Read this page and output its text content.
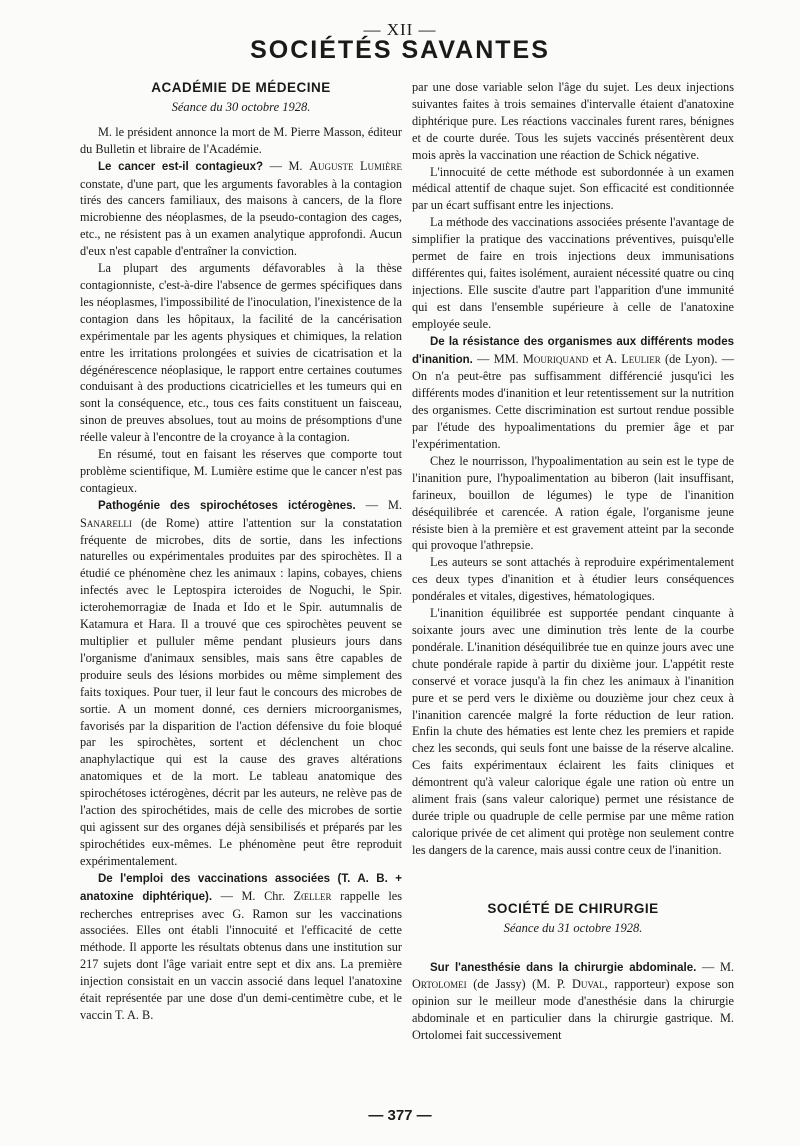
— XII —
SOCIÉTÉS SAVANTES
ACADÉMIE DE MÉDECINE
Séance du 30 octobre 1928.

M. le président annonce la mort de M. Pierre Masson, éditeur du Bulletin et libraire de l'Académie.

Le cancer est-il contagieux? — M. Auguste Lumière constate, d'une part, que les arguments favorables à la contagion tirés des cancers familiaux, des maisons à cancers, de la flore microbienne des néoplasmes, de la pseudo-contagion des cages, etc., ne résistent pas à un examen analytique approfondi. Aucun d'eux n'est capable d'entraîner la conviction.

La plupart des arguments défavorables à la thèse contagionniste, c'est-à-dire l'absence de germes spécifiques dans les néoplasmes, l'impossibilité de l'inoculation, l'inexistence de la contagion dans les hôpitaux, la facilité de la cancérisation expérimentale par les agents physiques et chimiques, la relation entre les irritations prolongées et suivies de cicatrisation et la dégénérescence néoplasique, le rapport entre certaines coutumes conduisant à des productions cicatricielles et les tumeurs qui en sont la conséquence, etc., tous ces faits constituent un faisceau, sinon de preuves absolues, tout au moins de présomptions d'une réelle valeur à l'encontre de la croyance à la contagion.

En résumé, tout en faisant les réserves que comporte tout problème scientifique, M. Lumière estime que le cancer n'est pas contagieux.

Pathogénie des spirochétoses ictérogènes. — M. Sanarelli (de Rome) attire l'attention sur la constatation fréquente de microbes, dits de sortie, dans les infections naturelles ou expérimentales produites par des spirochètes. Il a étudié ce phénomène chez les animaux : lapins, cobayes, chiens infectés avec le Leptospira icteroides de Noguchi, le Spir. icterohemorragiæ de Inada et Ido et le Spir. autumnalis de Katamura et Hara. Il a trouvé que ces spirochètes peuvent se multiplier et pulluler même pendant plusieurs jours dans l'organisme d'animaux sensibles, mais sans être capables de produire seuls des lésions morbides ou même simplement des faits toxiques. Pour tuer, il leur faut le concours des microbes de sortie. A un moment donné, ces derniers microorganismes, favorisés par la disparition de l'action défensive du foie bloqué par les spirochètes, sortent et déclenchent un choc anaphylactique qui est la cause des graves altérations anatomiques et de la mort. Le tableau anatomique des spirochétoses ictérogènes, décrit par les auteurs, ne relève pas de l'action des spirochétides, mais de celle des microbes de sortie qui agissent sur des organes déjà sensibilisés et préparés par les spirochétides eux-mêmes. Le phénomène peut être reproduit expérimentalement.

De l'emploi des vaccinations associées (T. A. B. + anatoxine diphtérique). — M. Chr. Zœller rappelle les recherches entreprises avec G. Ramon sur les vaccinations associées. Elles ont établi l'innocuité et l'efficacité de cette méthode. Il apporte les résultats obtenus dans une institution sur 217 sujets dont l'âge variait entre sept et dix ans. La première injection consistait en un vaccin associé dans lequel l'anatoxine était représentée par une dose d'un demi-centimètre cube, et le vaccin T. A. B.

par une dose variable selon l'âge du sujet. Les deux injections suivantes faites à trois semaines d'intervalle étaient d'anatoxine diphtérique pure. Les réactions vaccinales furent rares, bénignes et de courte durée. Tous les sujets vaccinés présentèrent deux mois après la vaccination une réaction de Schick négative.

L'innocuité de cette méthode est subordonnée à un examen médical attentif de chaque sujet. Son efficacité est conditionnée par un écart suffisant entre les injections.

La méthode des vaccinations associées présente l'avantage de simplifier la pratique des vaccinations préventives, puisqu'elle permet de faire en trois injections deux immunisations différentes qui, faites isolément, auraient nécessité quatre ou cinq injections. Elle suscite d'autre part l'apparition d'une immunité qui est dans l'ensemble supérieure à celle de l'anatoxine employée seule.

De la résistance des organismes aux différents modes d'inanition. — MM. Mouriquand et A. Leulier (de Lyon). — On n'a peut-être pas suffisamment différencié jusqu'ici les différents modes d'inanition et leur retentissement sur la nutrition des organismes. Cette discrimination est surtout rendue possible par l'étude des hypoalimentations du premier âge et par l'expérimentation.

Chez le nourrisson, l'hypoalimentation au sein est le type de l'inanition pure, l'hypoalimentation au biberon (lait insuffisant, farineux, bouillon de légumes) le type de l'inanition déséquilibrée et carencée. A ration égale, l'organisme jeune résiste bien à la première et est gravement atteint par la seconde qui provoque l'athrepsie.

Les auteurs se sont attachés à reproduire expérimentalement ces deux types d'inanition et à étudier leurs conséquences pondérales et vitales, digestives, hématologiques.

L'inanition équilibrée est supportée pendant cinquante à soixante jours avec une diminution très lente de la courbe pondérale. L'inanition déséquilibrée tue en quinze jours avec une chute pondérale rapide à partir du dixième jour. L'appétit reste conservé et vorace jusqu'à la fin chez les animaux à l'inanition pure et se perd vers le dixième ou douzième jour chez ceux à l'inanition carencée malgré la forte réduction de leur ration. Enfin la chute des hématies est lente chez les premiers et rapide chez les seconds, qui seuls font une baisse de la réserve alcaline. Ces faits expérimentaux éclairent les faits cliniques et démontrent qu'à valeur calorique égale une ration où entre un aliment frais (sans valeur calorique) permet une résistance de durée triple ou quadruple de celle permise par une même ration calorique privée de cet aliment qui protège non seulement contre les dangers de la carence, mais aussi contre ceux de l'inanition.

SOCIÉTÉ DE CHIRURGIE
Séance du 31 octobre 1928.

Sur l'anesthésie dans la chirurgie abdominale. — M. Ortolomei (de Jassy) (M. P. Duval, rapporteur) expose son opinion sur le meilleur mode d'anesthésie dans la chirurgie abdominale et en particulier dans la chirurgie gastrique. M. Ortolomei fait successivement

— 377 —
